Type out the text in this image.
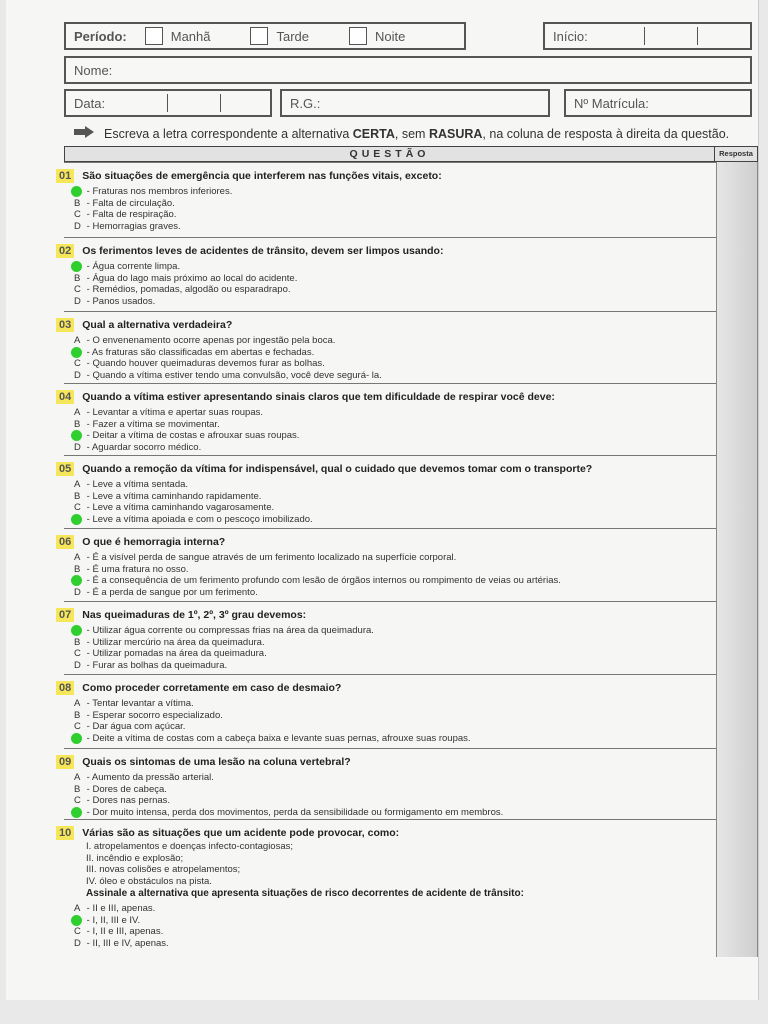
Período:	Manhã	Tarde	Noite	Início:
Nome:
Data:	R.G.:	Nº Matrícula:
Escreva a letra correspondente a alternativa CERTA, sem RASURA, na coluna de resposta à direita da questão.
QUESTÃO	Resposta
01 São situações de emergência que interferem nas funções vitais, exceto:
- Fraturas nos membros inferiores.
B - Falta de circulação.
C - Falta de respiração.
D - Hemorragias graves.
02 Os ferimentos leves de acidentes de trânsito, devem ser limpos usando:
- Água corrente limpa.
B - Água do lago mais próximo ao local do acidente.
C - Remédios, pomadas, algodão ou esparadrapo.
D - Panos usados.
03 Qual a alternativa verdadeira?
A - O envenenamento ocorre apenas por ingestão pela boca.
- As fraturas são classificadas em abertas e fechadas.
C - Quando houver queimaduras devemos furar as bolhas.
D - Quando a vítima estiver tendo uma convulsão, você deve segurá- la.
04 Quando a vítima estiver apresentando sinais claros que tem dificuldade de respirar você deve:
A - Levantar a vítima e apertar suas roupas.
B - Fazer a vítima se movimentar.
- Deitar a vítima de costas e afrouxar suas roupas.
D - Aguardar socorro médico.
05 Quando a remoção da vítima for indispensável, qual o cuidado que devemos tomar com o transporte?
A - Leve a vítima sentada.
B - Leve a vítima caminhando rapidamente.
C - Leve a vítima caminhando vagarosamente.
- Leve a vítima apoiada e com o pescoço imobilizado.
06 O que é hemorragia interna?
A - É a visível perda de sangue através de um ferimento localizado na superfície corporal.
B - É uma fratura no osso.
- É a consequência de um ferimento profundo com lesão de órgãos internos ou rompimento de veias ou artérias.
D - É a perda de sangue por um ferimento.
07 Nas queimaduras de 1º, 2º, 3º grau devemos:
- Utilizar água corrente ou compressas frias na área da queimadura.
B - Utilizar mercúrio na área da queimadura.
C - Utilizar pomadas na área da queimadura.
D - Furar as bolhas da queimadura.
08 Como proceder corretamente em caso de desmaio?
A - Tentar levantar a vítima.
B - Esperar socorro especializado.
C - Dar água com açúcar.
- Deite a vítima de costas com a cabeça baixa e levante suas pernas, afrouxe suas roupas.
09 Quais os sintomas de uma lesão na coluna vertebral?
A - Aumento da pressão arterial.
B - Dores de cabeça.
C - Dores nas pernas.
- Dor muito intensa, perda dos movimentos, perda da sensibilidade ou formigamento em membros.
10 Várias são as situações que um acidente pode provocar, como:
I. atropelamentos e doenças infecto-contagiosas;
II. incêndio e explosão;
III. novas colisões e atropelamentos;
IV. óleo e obstáculos na pista.
Assinale a alternativa que apresenta situações de risco decorrentes de acidente de trânsito:
A - II e III, apenas.
- I, II, III e IV.
C - I, II e III, apenas.
D - II, III e IV, apenas.
